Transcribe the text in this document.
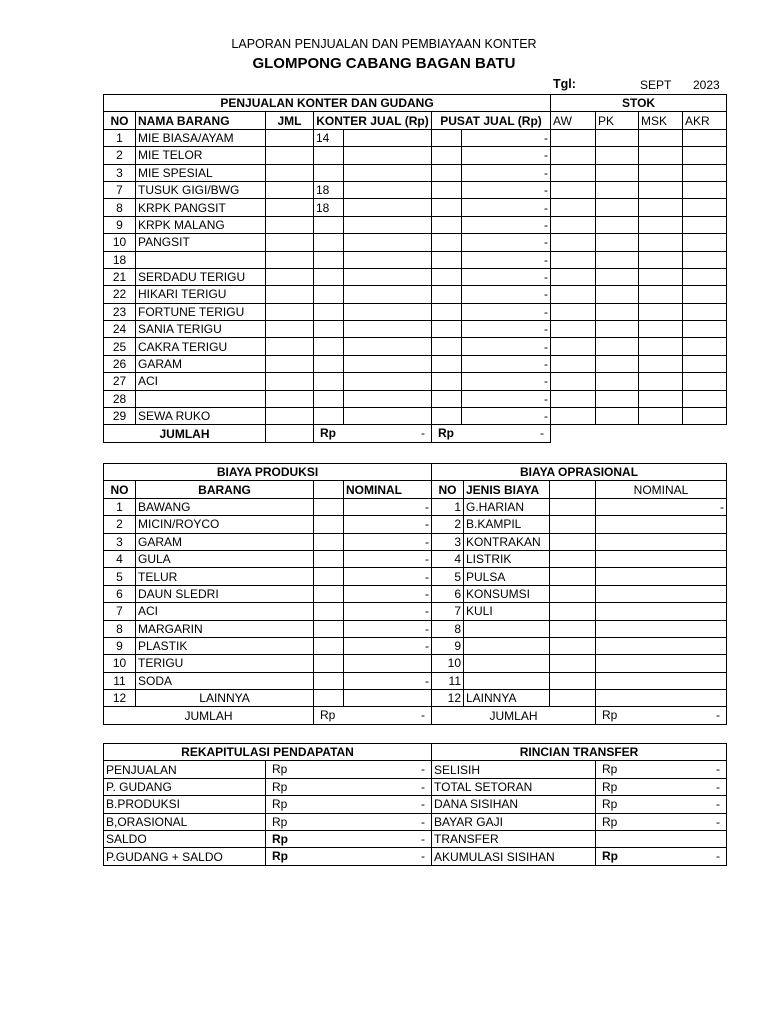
LAPORAN PENJUALAN DAN PEMBIAYAAN KONTER
GLOMPONG CABANG BAGAN BATU
Tgl:	SEPT 2023
PENJUALAN KONTER DAN GUDANG							STOK			
NO	NAMA BARANG	JML	KONTER JUAL (Rp)		PUSAT JUAL (Rp)		AW	PK	MSK	AKR
1	MIE BIASA/AYAM		14			-				
2	MIE TELOR					-				
3	MIE SPESIAL					-				
7	TUSUK GIGI/BWG		18			-				
8	KRPK PANGSIT		18			-				
9	KRPK MALANG					-				
10	PANGSIT					-				
18						-				
21	SERDADU TERIGU					-				
22	HIKARI TERIGU					-				
23	FORTUNE TERIGU					-				
24	SANIA TERIGU					-				
25	CAKRA TERIGU					-				
26	GARAM					-				
27	ACI					-				
28						-				
29	SEWA RUKO					-				
JUMLAH			Rp -		Rp -					

BIAYA PRODUKSI				BIAYA OPRASIONAL			
NO	BARANG		NOMINAL	NO	JENIS BIAYA		NOMINAL
1	BAWANG		-	1	G.HARIAN		-
2	MICIN/ROYCO		-	2	B.KAMPIL		
3	GARAM		-	3	KONTRAKAN		
4	GULA		-	4	LISTRIK		
5	TELUR		-	5	PULSA		
6	DAUN SLEDRI		-	6	KONSUMSI		
7	ACI		-	7	KULI		
8	MARGARIN		-	8			
9	PLASTIK		-	9			
10	TERIGU			10			
11	SODA		-	11			
12	LAINNYA			12	LAINNYA		
JUMLAH		Rp -		JUMLAH			Rp -
REKAPITULASI PENDAPATAN		RINCIAN TRANSFER	
PENJUALAN	Rp -	SELISIH	Rp -

P. GUDANG	Rp -	TOTAL SETORAN	Rp -

B.PRODUKSI	Rp -	DANA SISIHAN	Rp -

B,ORASIONAL	Rp -	BAYAR GAJI	Rp -

SALDO	Rp -	TRANSFER	

P.GUDANG + SALDO	Rp -	AKUMULASI SISIHAN	Rp -
